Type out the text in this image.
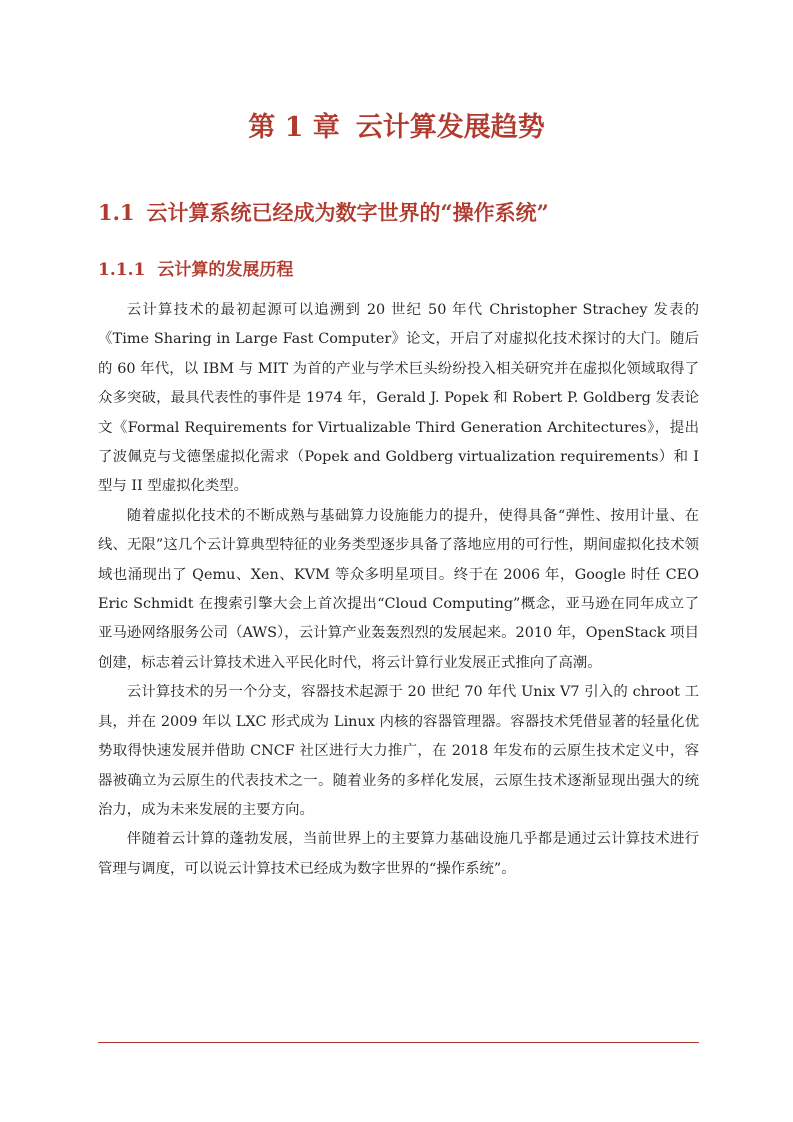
第 1 章 云计算发展趋势
1.1 云计算系统已经成为数字世界的“操作系统”
1.1.1 云计算的发展历程

云计算技术的最初起源可以追溯到 20 世纪 50 年代 Christopher Strachey 发表的《Time Sharing in Large Fast Computer》论文，开启了对虚拟化技术探讨的大门。随后的 60 年代，以 IBM 与 MIT 为首的产业与学术巨头纷纷投入相关研究并在虚拟化领域取得了众多突破，最具代表性的事件是 1974 年，Gerald J. Popek 和 Robert P. Goldberg 发表论文《Formal Requirements for Virtualizable Third Generation Architectures》，提出了波佩克与戈德堡虚拟化需求（Popek and Goldberg virtualization requirements）和 I 型与 II 型虚拟化类型。

随着虚拟化技术的不断成熟与基础算力设施能力的提升，使得具备“弹性、按用计量、在线、无限”这几个云计算典型特征的业务类型逐步具备了落地应用的可行性，期间虚拟化技术领域也涌现出了 Qemu、Xen、KVM 等众多明星项目。终于在 2006 年，Google 时任 CEO Eric Schmidt 在搜索引擎大会上首次提出“Cloud Computing”概念，亚马逊在同年成立了亚马逊网络服务公司（AWS），云计算产业轰轰烈烈的发展起来。2010 年，OpenStack 项目创建，标志着云计算技术进入平民化时代，将云计算行业发展正式推向了高潮。

云计算技术的另一个分支，容器技术起源于 20 世纪 70 年代 Unix V7 引入的 chroot 工具，并在 2009 年以 LXC 形式成为 Linux 内核的容器管理器。容器技术凭借显著的轻量化优势取得快速发展并借助 CNCF 社区进行大力推广，在 2018 年发布的云原生技术定义中，容器被确立为云原生的代表技术之一。随着业务的多样化发展，云原生技术逐渐显现出强大的统治力，成为未来发展的主要方向。

伴随着云计算的蓬勃发展，当前世界上的主要算力基础设施几乎都是通过云计算技术进行管理与调度，可以说云计算技术已经成为数字世界的“操作系统”。
